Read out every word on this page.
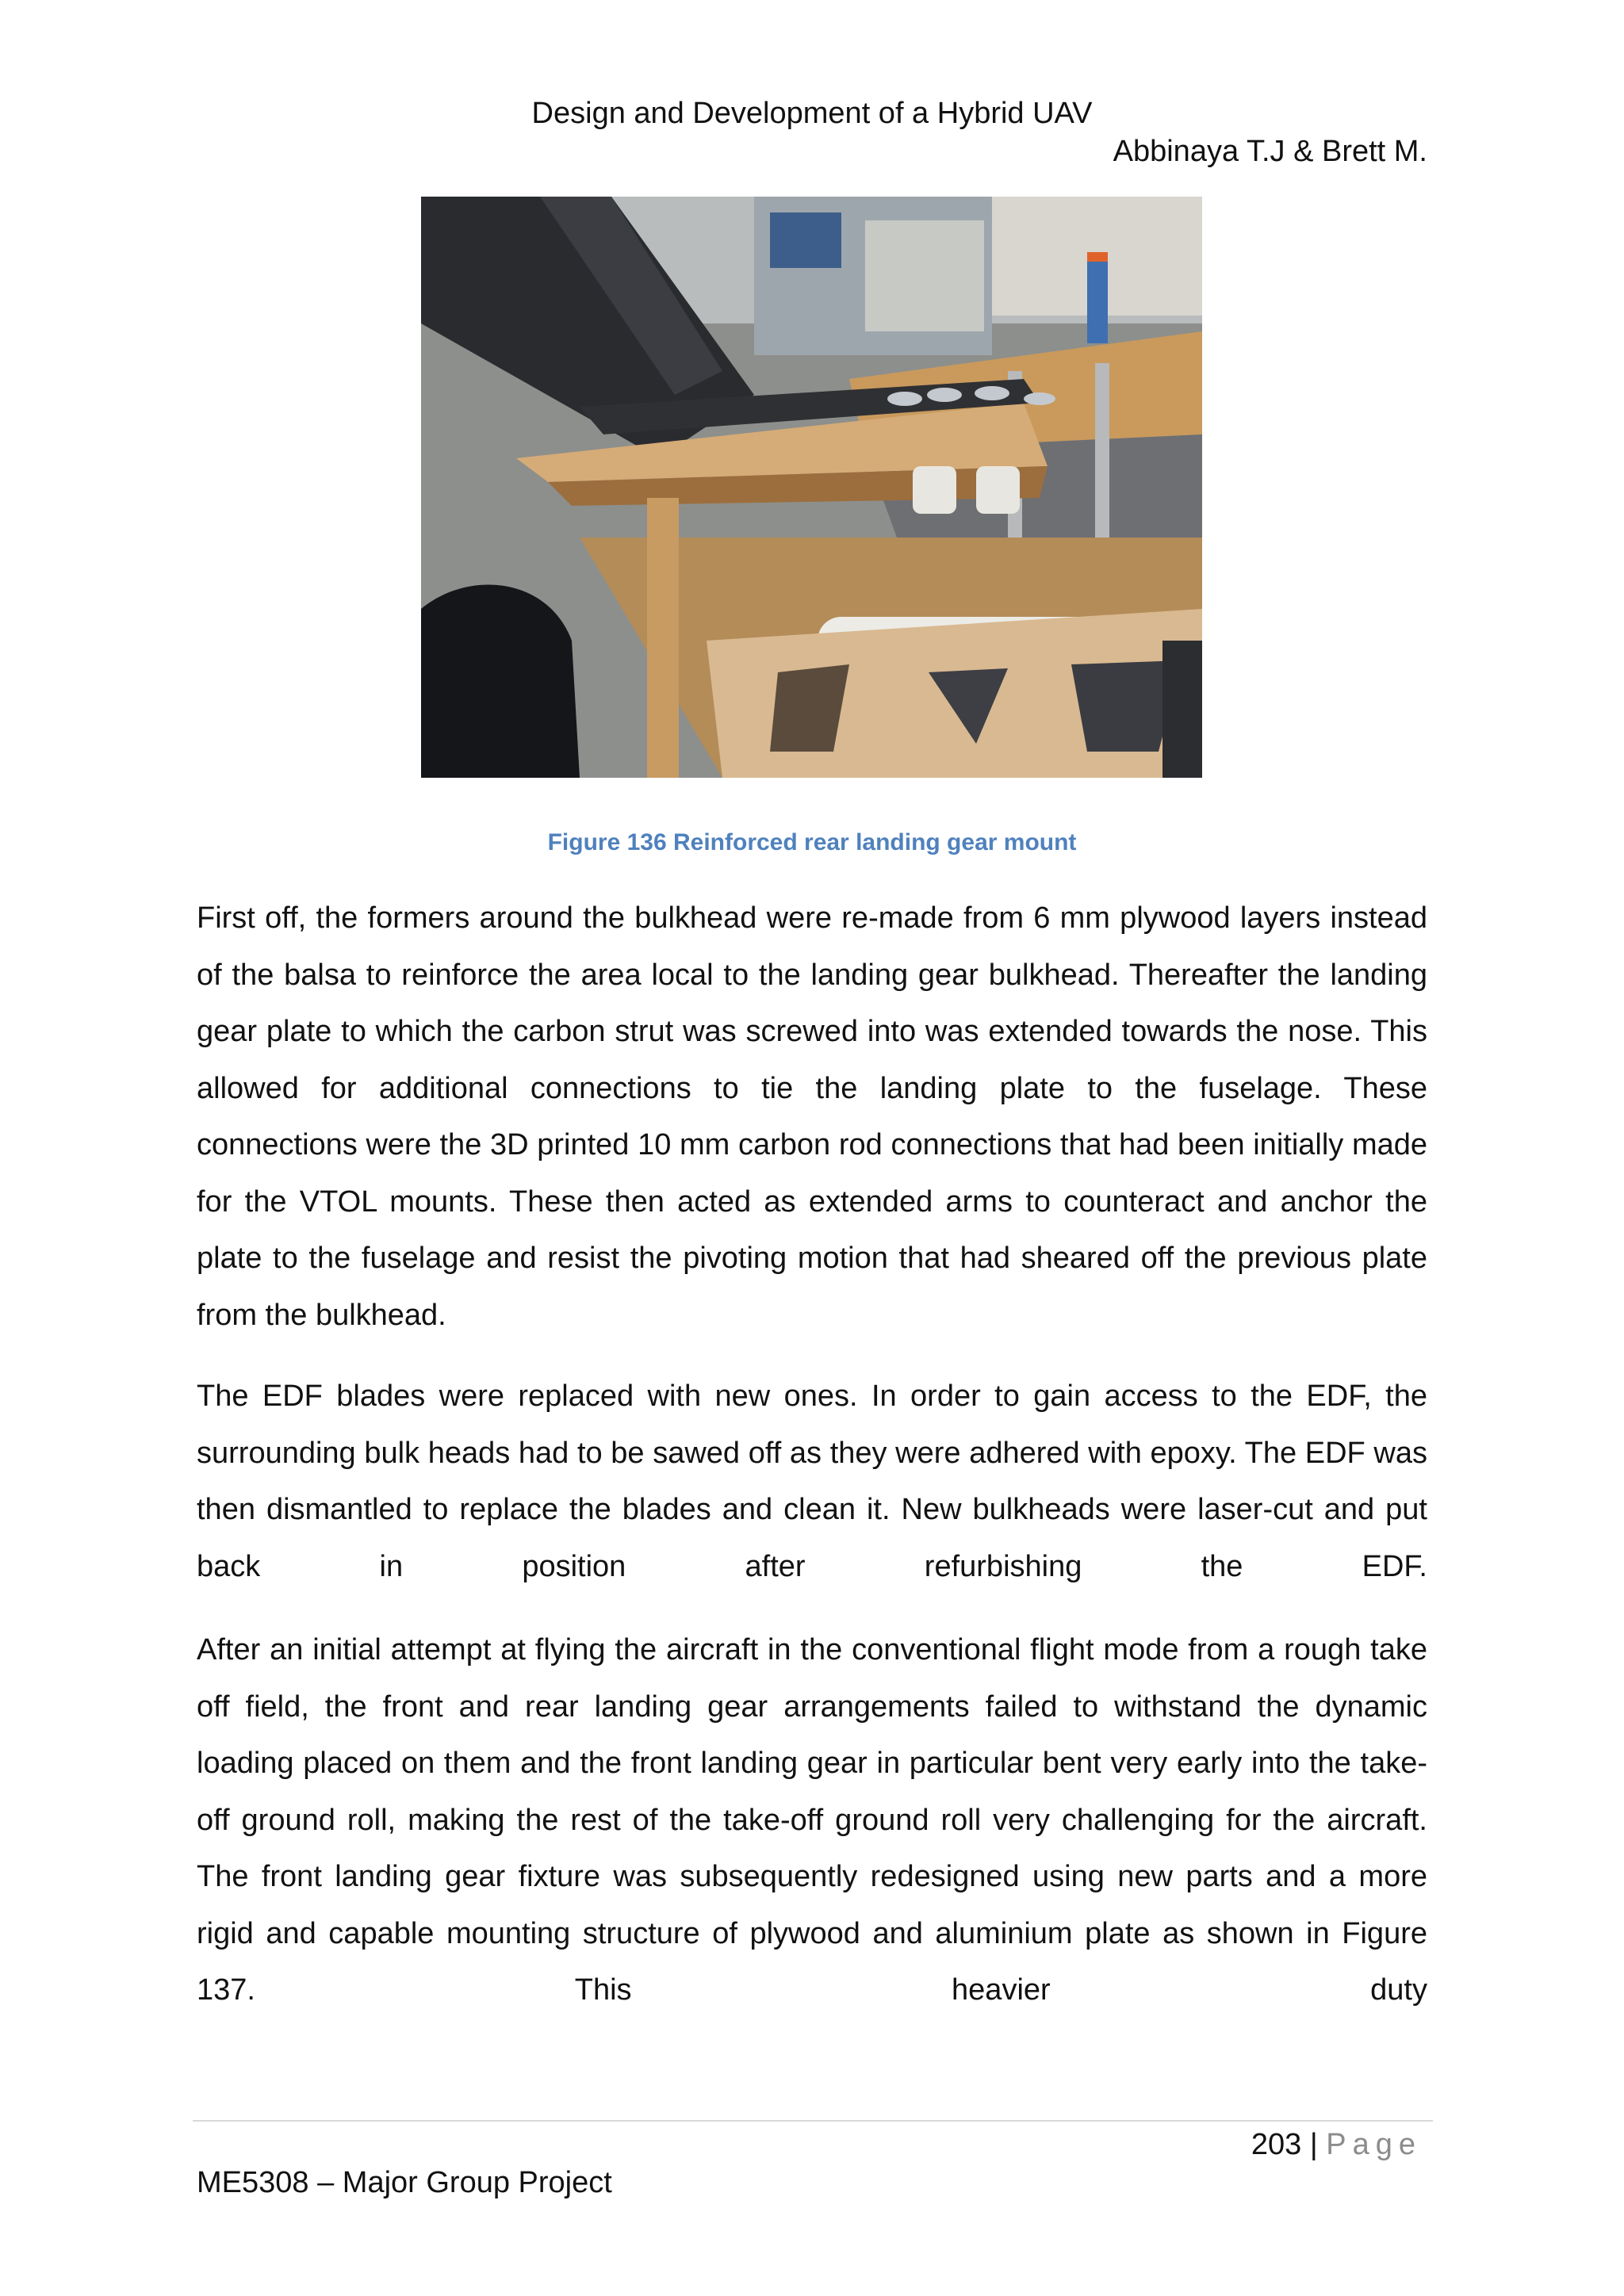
Design and Development of a Hybrid UAV
Abbinaya T.J & Brett M.
Figure 136 Reinforced rear landing gear mount

First off, the formers around the bulkhead were re-made from 6 mm plywood layers instead of the balsa to reinforce the area local to the landing gear bulkhead. Thereafter the landing gear plate to which the carbon strut was screwed into was extended towards the nose. This allowed for additional connections to tie the landing plate to the fuselage. These connections were the 3D printed 10 mm carbon rod connections that had been initially made for the VTOL mounts. These then acted as extended arms to counteract and anchor the plate to the fuselage and resist the pivoting motion that had sheared off the previous plate from the bulkhead.

The EDF blades were replaced with new ones. In order to gain access to the EDF, the surrounding bulk heads had to be sawed off as they were adhered with epoxy. The EDF was then dismantled to replace the blades and clean it. New bulkheads were laser-cut and put back in position after refurbishing the EDF.

After an initial attempt at flying the aircraft in the conventional flight mode from a rough take off field, the front and rear landing gear arrangements failed to withstand the dynamic loading placed on them and the front landing gear in particular bent very early into the take-off ground roll, making the rest of the take-off ground roll very challenging for the aircraft. The front landing gear fixture was subsequently redesigned using new parts and a more rigid and capable mounting structure of plywood and aluminium plate as shown in Figure 137. This heavier duty

203 | Page
ME5308 – Major Group Project
